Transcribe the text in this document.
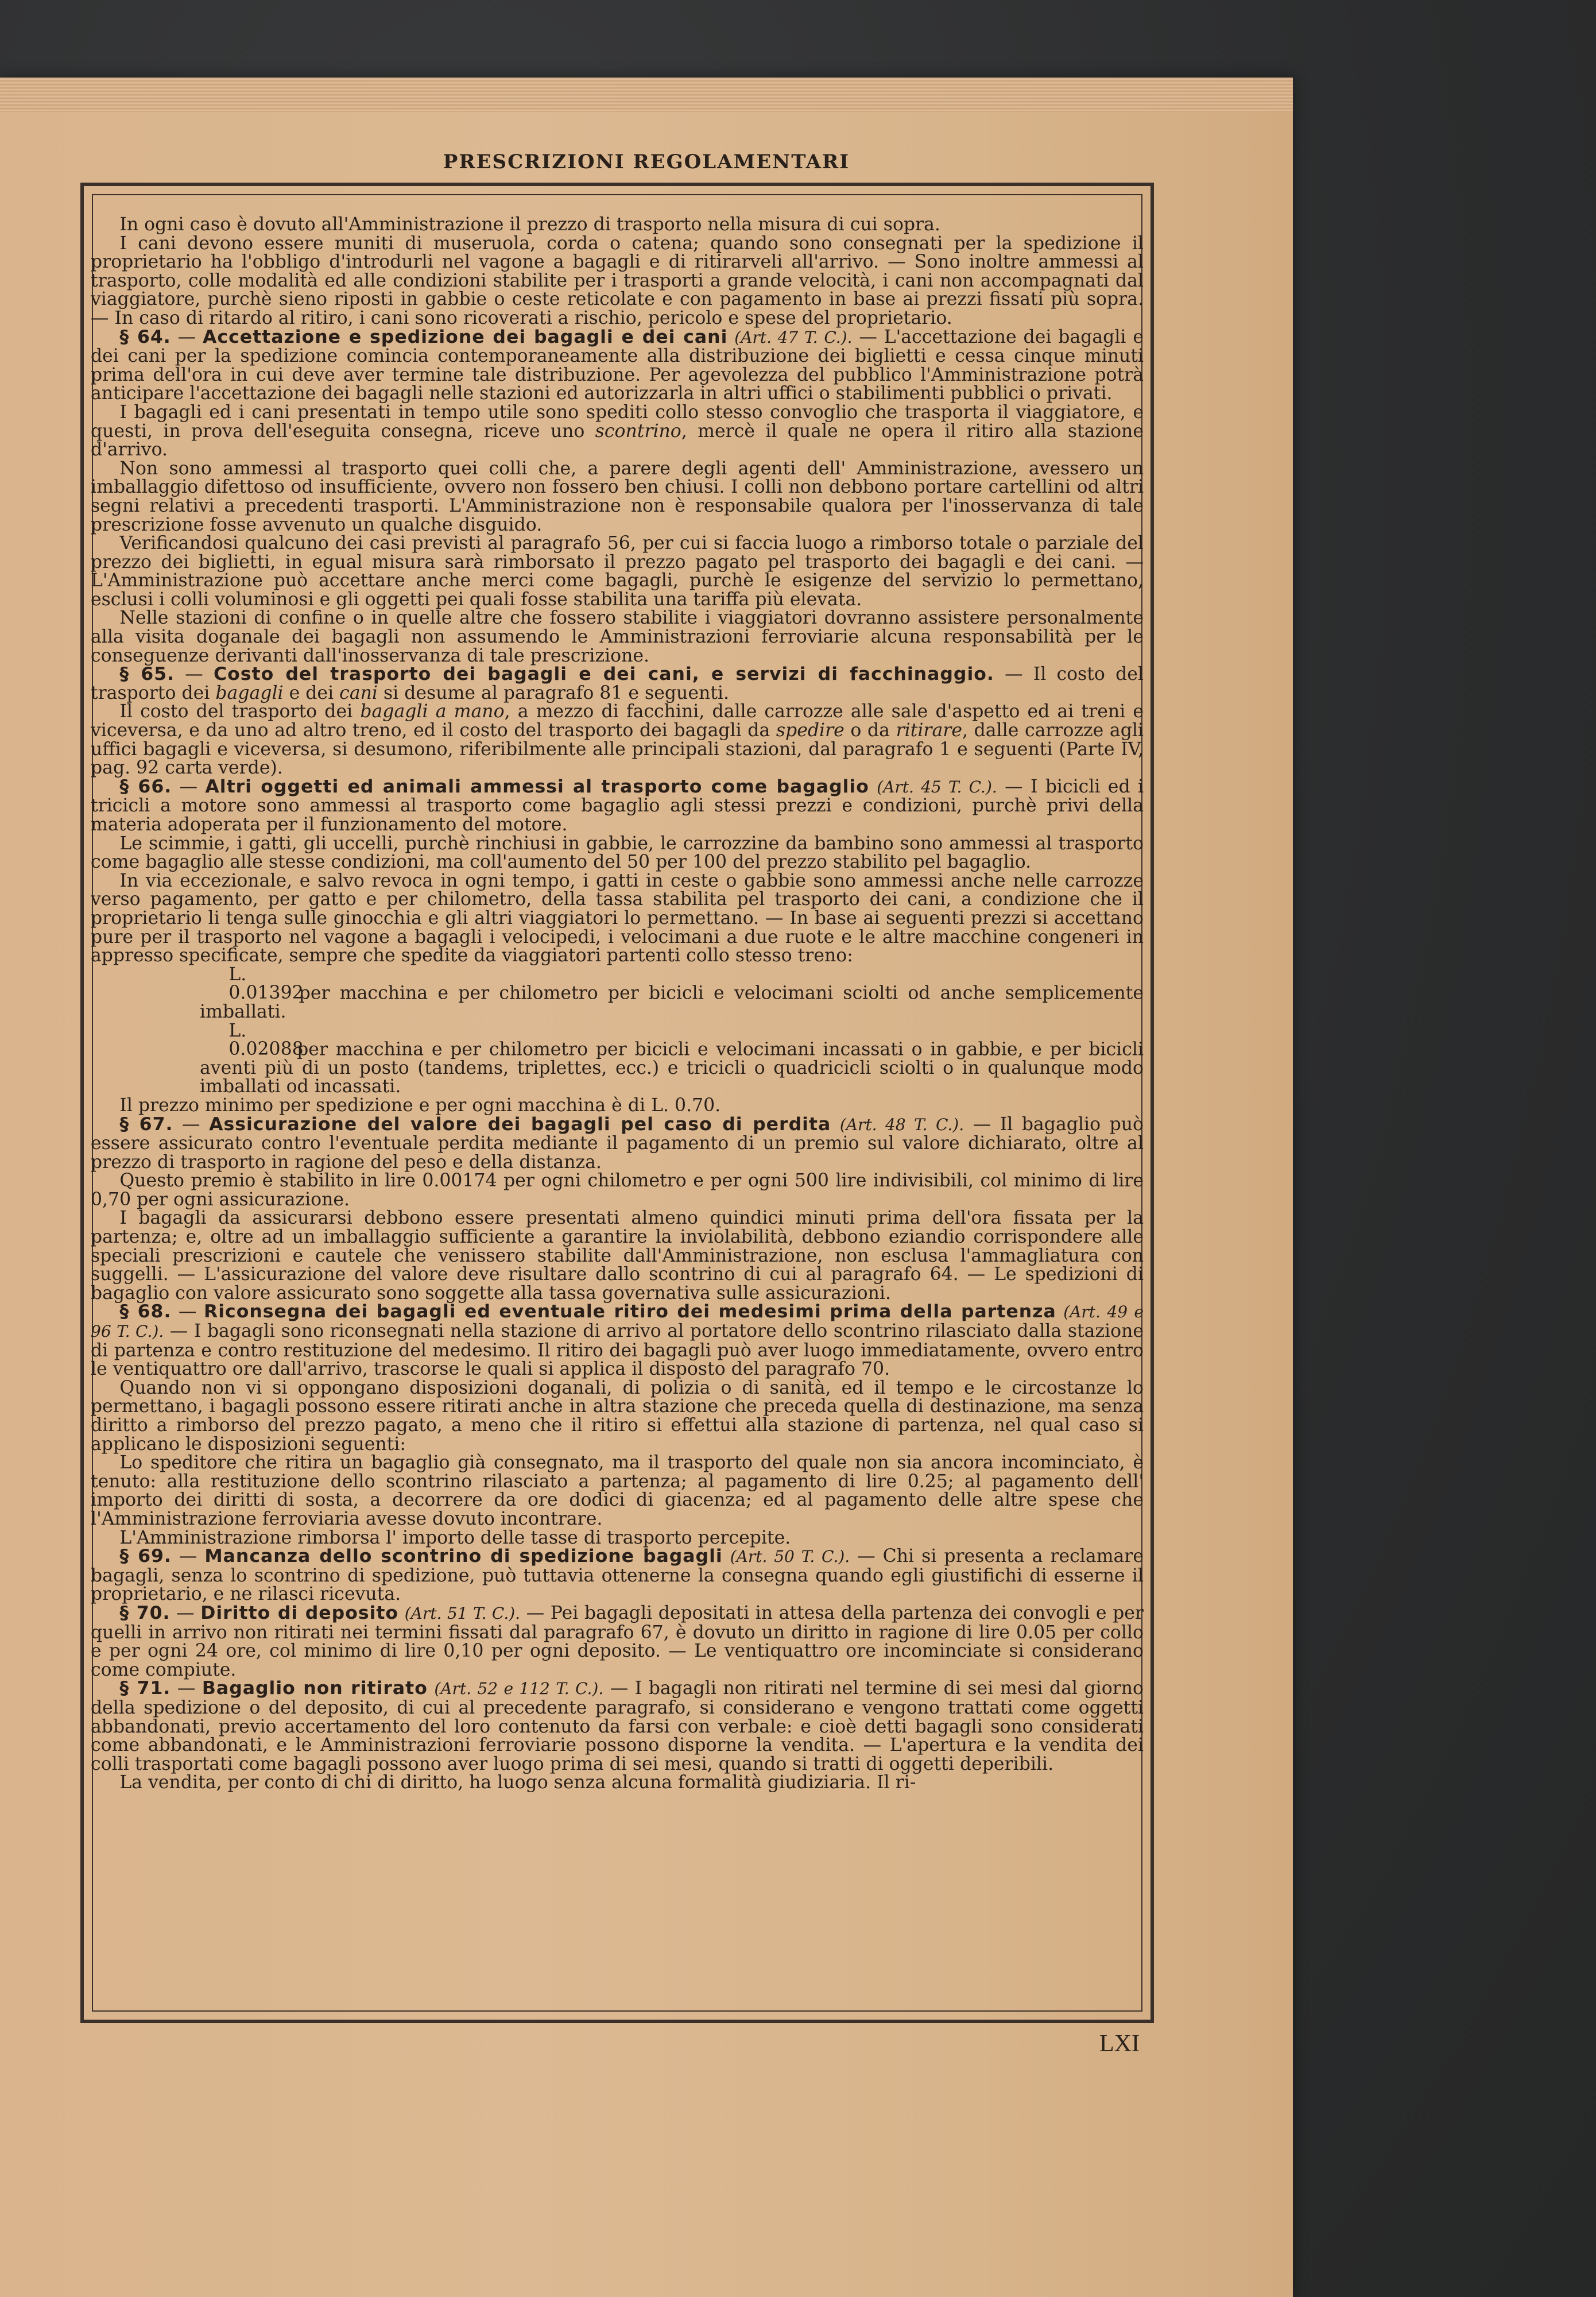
PRESCRIZIONI REGOLAMENTARI

In ogni caso è dovuto all'Amministrazione il prezzo di trasporto nella misura di cui sopra.

I cani devono essere muniti di museruola, corda o catena; quando sono consegnati per la spedizione il proprietario ha l'obbligo d'introdurli nel vagone a bagagli e di ritirarveli all'arrivo. — Sono inoltre ammessi al trasporto, colle modalità ed alle condizioni stabilite per i trasporti a grande velocità, i cani non accompagnati dal viaggiatore, purchè sieno riposti in gabbie o ceste reticolate e con pagamento in base ai prezzi fissati più sopra. — In caso di ritardo al ritiro, i cani sono ricoverati a rischio, pericolo e spese del proprietario.

§ 64. — Accettazione e spedizione dei bagagli e dei cani (Art. 47 T. C.). — L'accettazione dei bagagli e dei cani per la spedizione comincia contemporaneamente alla distribuzione dei biglietti e cessa cinque minuti prima dell'ora in cui deve aver termine tale distribuzione. Per agevolezza del pubblico l'Amministrazione potrà anticipare l'accettazione dei bagagli nelle stazioni ed autorizzarla in altri uffici o stabilimenti pubblici o privati.

I bagagli ed i cani presentati in tempo utile sono spediti collo stesso convoglio che trasporta il viaggiatore, e questi, in prova dell'eseguita consegna, riceve uno scontrino, mercè il quale ne opera il ritiro alla stazione d'arrivo.

Non sono ammessi al trasporto quei colli che, a parere degli agenti dell' Amministrazione, avessero un imballaggio difettoso od insufficiente, ovvero non fossero ben chiusi. I colli non debbono portare cartellini od altri segni relativi a precedenti trasporti. L'Amministrazione non è responsabile qualora per l'inosservanza di tale prescrizione fosse avvenuto un qualche disguido.

Verificandosi qualcuno dei casi previsti al paragrafo 56, per cui si faccia luogo a rimborso totale o parziale del prezzo dei biglietti, in egual misura sarà rimborsato il prezzo pagato pel trasporto dei bagagli e dei cani. — L'Amministrazione può accettare anche merci come bagagli, purchè le esigenze del servizio lo permettano, esclusi i colli voluminosi e gli oggetti pei quali fosse stabilita una tariffa più elevata.

Nelle stazioni di confine o in quelle altre che fossero stabilite i viaggiatori dovranno assistere personalmente alla visita doganale dei bagagli non assumendo le Amministrazioni ferroviarie alcuna responsabilità per le conseguenze derivanti dall'inosservanza di tale prescrizione.

§ 65. — Costo del trasporto dei bagagli e dei cani, e servizi di facchinaggio. — Il costo del trasporto dei bagagli e dei cani si desume al paragrafo 81 e seguenti.

Il costo del trasporto dei bagagli a mano, a mezzo di facchini, dalle carrozze alle sale d'aspetto ed ai treni e viceversa, e da uno ad altro treno, ed il costo del trasporto dei bagagli da spedire o da ritirare, dalle carrozze agli uffici bagagli e viceversa, si desumono, riferibilmente alle principali stazioni, dal paragrafo 1 e seguenti (Parte IV, pag. 92 carta verde).

§ 66. — Altri oggetti ed animali ammessi al trasporto come bagaglio (Art. 45 T. C.). — I bicicli ed i tricicli a motore sono ammessi al trasporto come bagaglio agli stessi prezzi e condizioni, purchè privi della materia adoperata per il funzionamento del motore.

Le scimmie, i gatti, gli uccelli, purchè rinchiusi in gabbie, le carrozzine da bambino sono ammessi al trasporto come bagaglio alle stesse condizioni, ma coll'aumento del 50 per 100 del prezzo stabilito pel bagaglio.

In via eccezionale, e salvo revoca in ogni tempo, i gatti in ceste o gabbie sono ammessi anche nelle carrozze verso pagamento, per gatto e per chilometro, della tassa stabilita pel trasporto dei cani, a condizione che il proprietario li tenga sulle ginocchia e gli altri viaggiatori lo permettano. — In base ai seguenti prezzi si accettano pure per il trasporto nel vagone a bagagli i velocipedi, i velocimani a due ruote e le altre macchine congeneri in appresso specificate, sempre che spedite da viaggiatori partenti collo stesso treno:

L. 0.01392 per macchina e per chilometro per bicicli e velocimani sciolti od anche semplicemente imballati.

L. 0.02088 per macchina e per chilometro per bicicli e velocimani incassati o in gabbie, e per bicicli aventi più di un posto (tandems, triplettes, ecc.) e tricicli o quadricicli sciolti o in qualunque modo imballati od incassati.

Il prezzo minimo per spedizione e per ogni macchina è di L. 0.70.

§ 67. — Assicurazione del valore dei bagagli pel caso di perdita (Art. 48 T. C.). — Il bagaglio può essere assicurato contro l'eventuale perdita mediante il pagamento di un premio sul valore dichiarato, oltre al prezzo di trasporto in ragione del peso e della distanza.

Questo premio è stabilito in lire 0.00174 per ogni chilometro e per ogni 500 lire indivisibili, col minimo di lire 0,70 per ogni assicurazione.

I bagagli da assicurarsi debbono essere presentati almeno quindici minuti prima dell'ora fissata per la partenza; e, oltre ad un imballaggio sufficiente a garantire la inviolabilità, debbono eziandio corrispondere alle speciali prescrizioni e cautele che venissero stabilite dall'Amministrazione, non esclusa l'ammagliatura con suggelli. — L'assicurazione del valore deve risultare dallo scontrino di cui al paragrafo 64. — Le spedizioni di bagaglio con valore assicurato sono soggette alla tassa governativa sulle assicurazioni.

§ 68. — Riconsegna dei bagagli ed eventuale ritiro dei medesimi prima della partenza (Art. 49 e 96 T. C.). — I bagagli sono riconsegnati nella stazione di arrivo al portatore dello scontrino rilasciato dalla stazione di partenza e contro restituzione del medesimo. Il ritiro dei bagagli può aver luogo immediatamente, ovvero entro le ventiquattro ore dall'arrivo, trascorse le quali si applica il disposto del paragrafo 70.

Quando non vi si oppongano disposizioni doganali, di polizia o di sanità, ed il tempo e le circostanze lo permettano, i bagagli possono essere ritirati anche in altra stazione che preceda quella di destinazione, ma senza diritto a rimborso del prezzo pagato, a meno che il ritiro si effettui alla stazione di partenza, nel qual caso si applicano le disposizioni seguenti:

Lo speditore che ritira un bagaglio già consegnato, ma il trasporto del quale non sia ancora incominciato, è tenuto: alla restituzione dello scontrino rilasciato a partenza; al pagamento di lire 0.25; al pagamento dell' importo dei diritti di sosta, a decorrere da ore dodici di giacenza; ed al pagamento delle altre spese che l'Amministrazione ferroviaria avesse dovuto incontrare.

L'Amministrazione rimborsa l' importo delle tasse di trasporto percepite.

§ 69. — Mancanza dello scontrino di spedizione bagagli (Art. 50 T. C.). — Chi si presenta a reclamare bagagli, senza lo scontrino di spedizione, può tuttavia ottenerne la consegna quando egli giustifichi di esserne il proprietario, e ne rilasci ricevuta.

§ 70. — Diritto di deposito (Art. 51 T. C.). — Pei bagagli depositati in attesa della partenza dei convogli e per quelli in arrivo non ritirati nei termini fissati dal paragrafo 67, è dovuto un diritto in ragione di lire 0.05 per collo e per ogni 24 ore, col minimo di lire 0,10 per ogni deposito. — Le ventiquattro ore incominciate si considerano come compiute.

§ 71. — Bagaglio non ritirato (Art. 52 e 112 T. C.). — I bagagli non ritirati nel termine di sei mesi dal giorno della spedizione o del deposito, di cui al precedente paragrafo, si considerano e vengono trattati come oggetti abbandonati, previo accertamento del loro contenuto da farsi con verbale: e cioè detti bagagli sono considerati come abbandonati, e le Amministrazioni ferroviarie possono disporne la vendita. — L'apertura e la vendita dei colli trasportati come bagagli possono aver luogo prima di sei mesi, quando si tratti di oggetti deperibili.

La vendita, per conto di chi di diritto, ha luogo senza alcuna formalità giudiziaria. Il ri-

LXI
